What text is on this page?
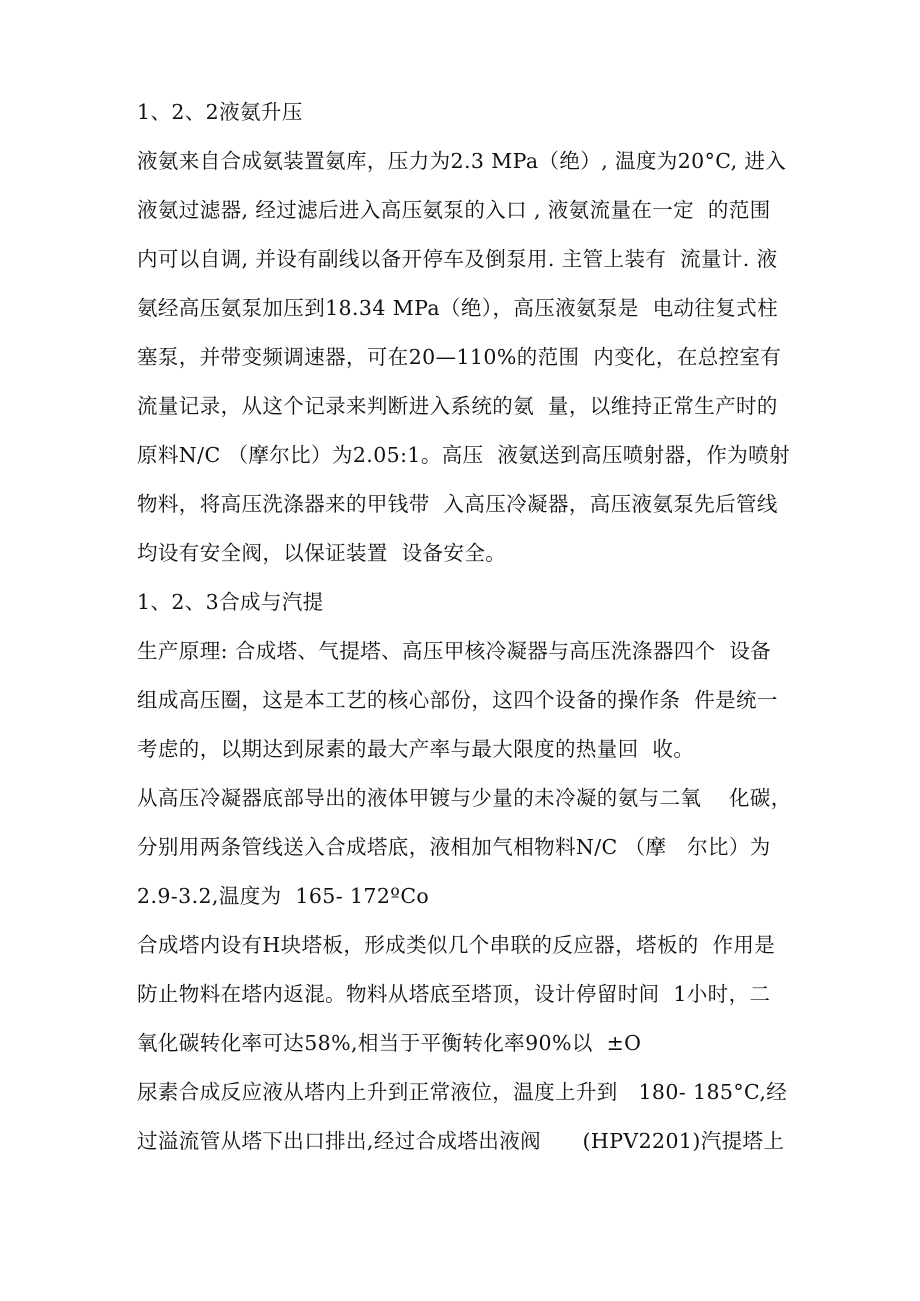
1、2、2液氨升压
液氨来自合成氨装置氨库，压力为2.3 MPa（绝）, 温度为20°C, 进入
液氨过滤器, 经过滤后进入高压氨泵的入口 , 液氨流量在一定  的范围
内可以自调, 并设有副线以备开停车及倒泵用. 主管上装有  流量计. 液
氨经高压氨泵加压到18.34 MPa（绝），高压液氨泵是  电动往复式柱
塞泵，并带变频调速器，可在20—110%的范围  内变化，在总控室有
流量记录，从这个记录来判断进入系统的氨  量，以维持正常生产时的
原料N/C （摩尔比）为2.05:1。高压  液氨送到高压喷射器，作为喷射
物料，将高压洗涤器来的甲钱带  入高压冷凝器，高压液氨泵先后管线
均设有安全阀，以保证装置  设备安全。
1、2、3合成与汽提
生产原理: 合成塔、气提塔、高压甲核冷凝器与高压洗涤器四个  设备
组成高压圈，这是本工艺的核心部份，这四个设备的操作条  件是统一
考虑的，以期达到尿素的最大产率与最大限度的热量回  收。
从高压冷凝器底部导出的液体甲镀与少量的未冷凝的氨与二氧    化碳，
分别用两条管线送入合成塔底，液相加气相物料N/C （摩   尔比）为
2.9-3.2,温度为  165- 172ºCo
合成塔内设有H块塔板，形成类似几个串联的反应器，塔板的  作用是
防止物料在塔内返混。物料从塔底至塔顶，设计停留时间  1小时，二
氧化碳转化率可达58%,相当于平衡转化率90%以  ±O
尿素合成反应液从塔内上升到正常液位，温度上升到   180- 185°C,经
过溢流管从塔下出口排出,经过合成塔出液阀      (HPV2201)汽提塔上
